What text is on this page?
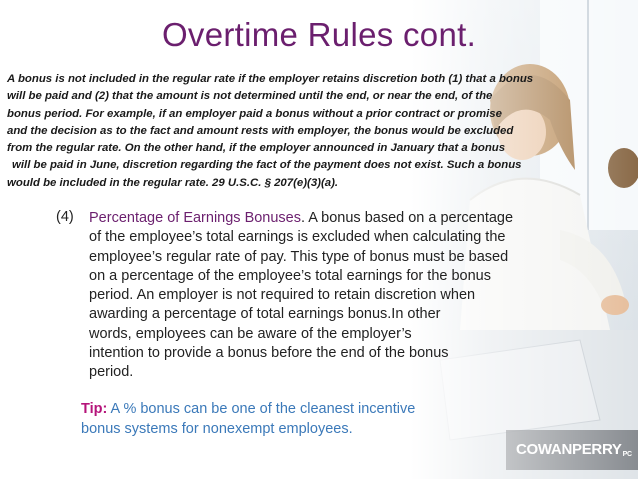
Overtime Rules cont.
A bonus is not included in the regular rate if the employer retains discretion both (1) that a bonus
will be paid and (2) that the amount is not determined until the end, or near the end, of the
bonus period. For example, if an employer paid a bonus without a prior contract or promise
and the decision as to the fact and amount rests with employer, the bonus would be excluded
from the regular rate. On the other hand, if the employer announced in January that a bonus
will be paid in June, discretion regarding the fact of the payment does not exist. Such a bonus
would be included in the regular rate. 29 U.S.C. § 207(e)(3)(a).
(4) Percentage of Earnings Bonuses. A bonus based on a percentage
of the employee’s total earnings is excluded when calculating the
employee’s regular rate of pay. This type of bonus must be based
on a percentage of the employee’s total earnings for the bonus
period. An employer is not required to retain discretion when
awarding a percentage of total earnings bonus.In other
words, employees can be aware of the employer’s
intention to provide a bonus before the end of the bonus
period.
Tip: A % bonus can be one of the cleanest incentive
bonus systems for nonexempt employees.
COWANPERRYPC
